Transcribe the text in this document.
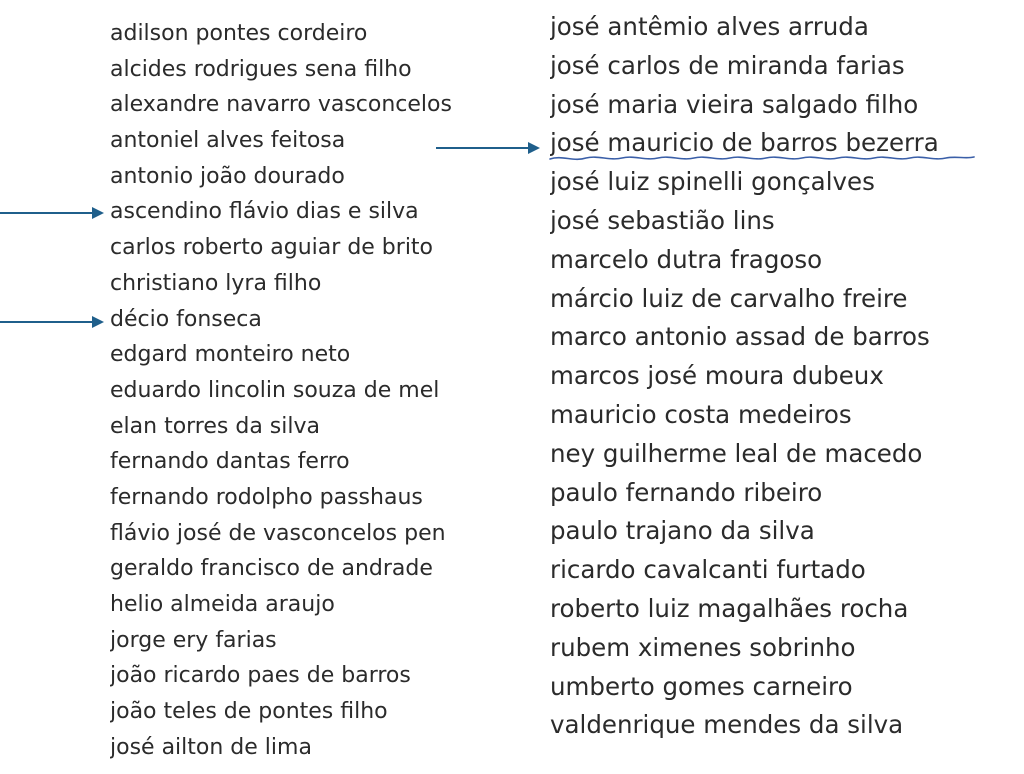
adilson pontes cordeiro
alcides rodrigues sena filho
alexandre navarro vasconcelos
antoniel alves feitosa
antonio joão dourado
ascendino flávio dias e silva
carlos roberto aguiar de brito
christiano lyra filho
décio fonseca
edgard monteiro neto
eduardo lincolin souza de mel
elan torres da silva
fernando dantas ferro
fernando rodolpho passhaus
flávio josé de vasconcelos pen
geraldo francisco de andrade
helio almeida araujo
jorge ery farias
joão ricardo paes de barros
joão teles de pontes filho
josé ailton de lima
josé antêmio alves arruda
josé carlos de miranda farias
josé maria vieira salgado filho
josé mauricio de barros bezerra
josé luiz spinelli gonçalves
josé sebastião lins
marcelo dutra fragoso
márcio luiz de carvalho freire
marco antonio assad de barros
marcos josé moura dubeux
mauricio costa medeiros
ney guilherme leal de macedo
paulo fernando ribeiro
paulo trajano da silva
ricardo cavalcanti furtado
roberto luiz magalhães rocha
rubem ximenes sobrinho
umberto gomes carneiro
valdenrique mendes da silva
